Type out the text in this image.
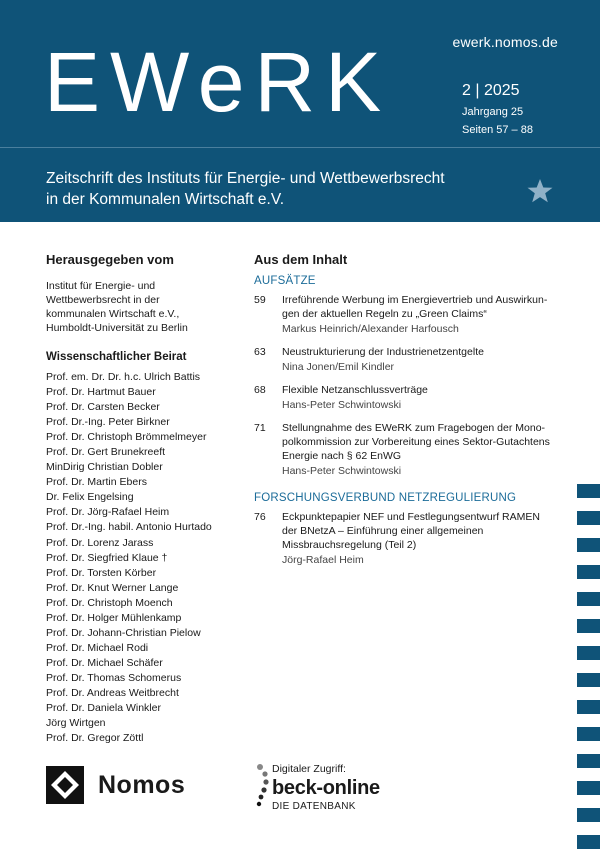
ewerk.nomos.de
EWeRK	2 | 2025
Jahrgang 25
Seiten 57 – 88
Zeitschrift des Instituts für Energie- und Wettbewerbsrecht
in der Kommunalen Wirtschaft e.V.
Herausgegeben vom
Institut für Energie- und
Wettbewerbsrecht in der
kommunalen Wirtschaft e.V.,
Humboldt-Universität zu Berlin
Wissenschaftlicher Beirat
Prof. em. Dr. Dr. h.c. Ulrich Battis
Prof. Dr. Hartmut Bauer
Prof. Dr. Carsten Becker
Prof. Dr.-Ing. Peter Birkner
Prof. Dr. Christoph Brömmelmeyer
Prof. Dr. Gert Brunekreeft
MinDirig Christian Dobler
Prof. Dr. Martin Ebers
Dr. Felix Engelsing
Prof. Dr. Jörg-Rafael Heim
Prof. Dr.-Ing. habil. Antonio Hurtado
Prof. Dr. Lorenz Jarass
Prof. Dr. Siegfried Klaue †
Prof. Dr. Torsten Körber
Prof. Dr. Knut Werner Lange
Prof. Dr. Christoph Moench
Prof. Dr. Holger Mühlenkamp
Prof. Dr. Johann-Christian Pielow
Prof. Dr. Michael Rodi
Prof. Dr. Michael Schäfer
Prof. Dr. Thomas Schomerus
Prof. Dr. Andreas Weitbrecht
Prof. Dr. Daniela Winkler
Jörg Wirtgen
Prof. Dr. Gregor Zöttl
Aus dem Inhalt
AUFSÄTZE
59	Irreführende Werbung im Energievertrieb und Auswirkun-
gen der aktuellen Regeln zu „Green Claims“
Markus Heinrich/Alexander Harfousch
63	Neustrukturierung der Industrienetzentgelte
Nina Jonen/Emil Kindler
68	Flexible Netzanschlussverträge
Hans-Peter Schwintowski
71	Stellungnahme des EWeRK zum Fragebogen der Mono-
polkommission zur Vorbereitung eines Sektor-Gutachtens
Energie nach § 62 EnWG
Hans-Peter Schwintowski
FORSCHUNGSVERBUND NETZREGULIERUNG
76	Eckpunktepapier NEF und Festlegungsentwurf RAMEN
der BNetzA – Einführung einer allgemeinen
Missbrauchsregelung (Teil 2)
Jörg-Rafael Heim
Nomos
Digitaler Zugriff:
beck-online
DIE DATENBANK
